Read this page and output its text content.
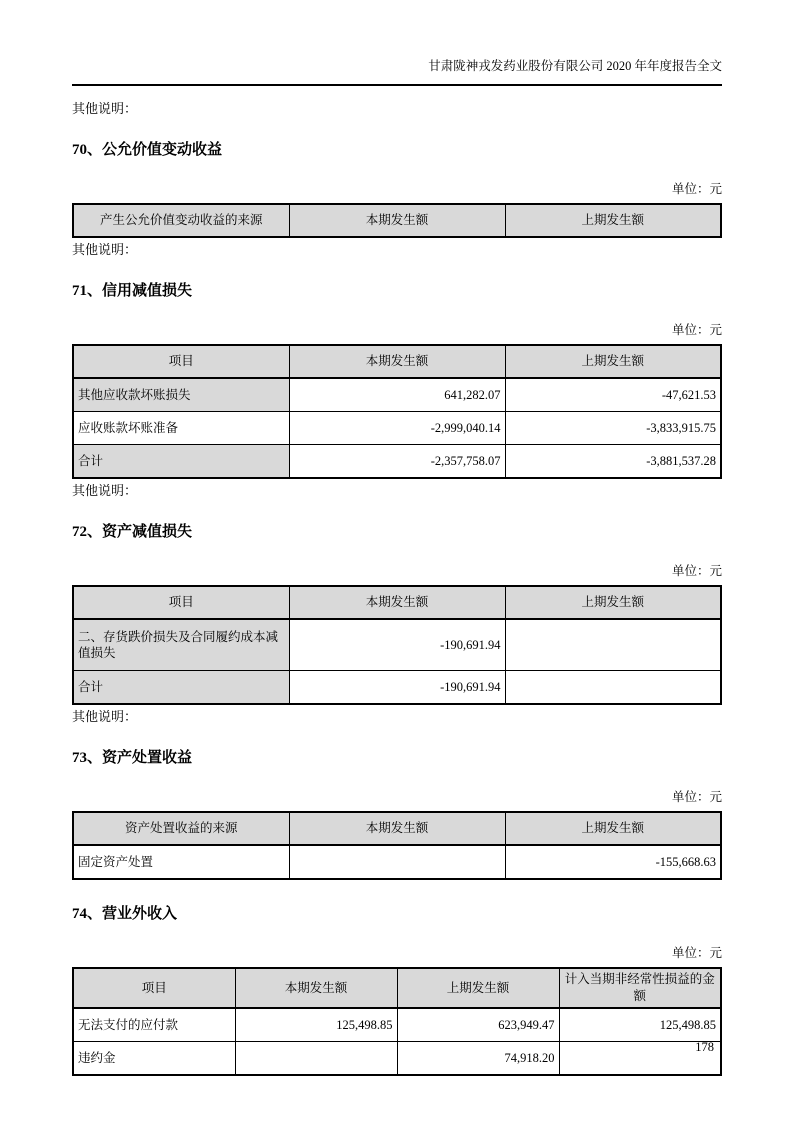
甘肃陇神戎发药业股份有限公司 2020 年年度报告全文

其他说明：

70、公允价值变动收益
单位：元
产生公允价值变动收益的来源	本期发生额	上期发生额

其他说明：

71、信用减值损失
单位：元
项目	本期发生额	上期发生额
其他应收款坏账损失	641,282.07	-47,621.53
应收账款坏账准备	-2,999,040.14	-3,833,915.75
合计	-2,357,758.07	-3,881,537.28

其他说明：

72、资产减值损失
单位：元
项目	本期发生额	上期发生额
二、存货跌价损失及合同履约成本减值损失	-190,691.94	
合计	-190,691.94	

其他说明：

73、资产处置收益
单位：元
资产处置收益的来源	本期发生额	上期发生额
固定资产处置		-155,668.63
74、营业外收入
单位：元
项目	本期发生额	上期发生额	计入当期非经常性损益的金额
无法支付的应付款	125,498.85	623,949.47	125,498.85
违约金		74,918.20	
178
